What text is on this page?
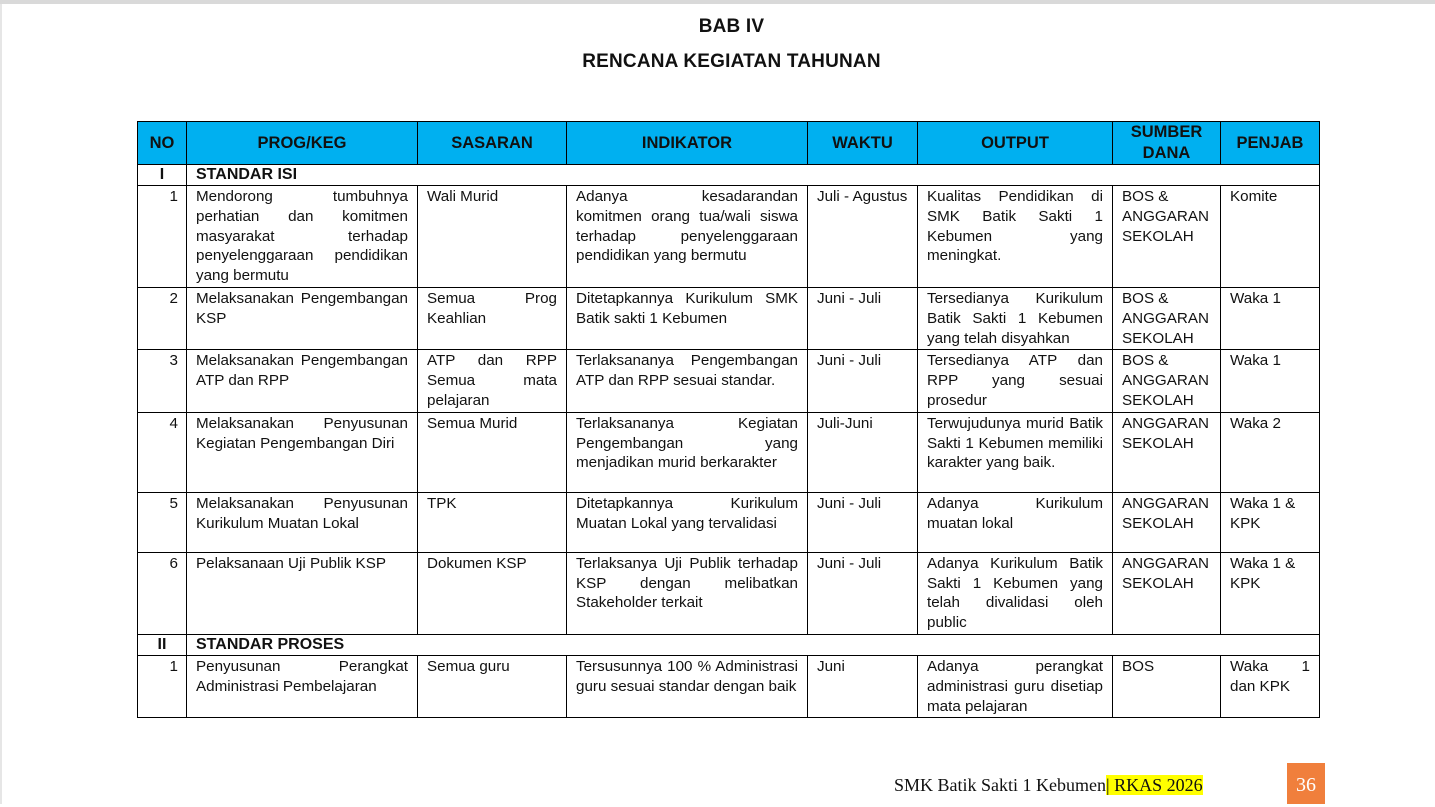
BAB IV
RENCANA KEGIATAN TAHUNAN
NO	PROG/KEG	SASARAN	INDIKATOR	WAKTU	OUTPUT	SUMBER DANA	PENJAB
I	STANDAR ISI						
1	Mendorong tumbuhnya perhatian dan komitmen masyarakat terhadap penyelenggaraan pendidikan yang bermutu	Wali Murid	Adanya kesadarandan komitmen orang tua/wali siswa terhadap penyelenggaraan pendidikan yang bermutu	Juli - Agustus	Kualitas Pendidikan di SMK Batik Sakti 1 Kebumen yang meningkat.	BOS & ANGGARAN SEKOLAH	Komite
2	Melaksanakan Pengembangan KSP	Semua Prog Keahlian	Ditetapkannya Kurikulum SMK Batik sakti 1 Kebumen	Juni - Juli	Tersedianya Kurikulum Batik Sakti 1 Kebumen yang telah disyahkan	BOS & ANGGARAN SEKOLAH	Waka 1
3	Melaksanakan Pengembangan ATP dan RPP	ATP dan RPP Semua mata pelajaran	Terlaksananya Pengembangan ATP dan RPP sesuai standar.	Juni - Juli	Tersedianya ATP dan RPP yang sesuai prosedur	BOS & ANGGARAN SEKOLAH	Waka 1
4	Melaksanakan Penyusunan Kegiatan Pengembangan Diri	Semua Murid	Terlaksananya Kegiatan Pengembangan yang menjadikan murid berkarakter	Juli-Juni	Terwujudunya murid Batik Sakti 1 Kebumen memiliki karakter yang baik.	ANGGARAN SEKOLAH	Waka 2
5	Melaksanakan Penyusunan Kurikulum Muatan Lokal	TPK	Ditetapkannya Kurikulum Muatan Lokal yang tervalidasi	Juni - Juli	Adanya Kurikulum muatan lokal	ANGGARAN SEKOLAH	Waka 1 & KPK
6	Pelaksanaan Uji Publik KSP	Dokumen KSP	Terlaksanya Uji Publik terhadap KSP dengan melibatkan Stakeholder terkait	Juni - Juli	Adanya Kurikulum Batik Sakti 1 Kebumen yang telah divalidasi oleh public	ANGGARAN SEKOLAH	Waka 1 & KPK
II	STANDAR PROSES						
1	Penyusunan Perangkat Administrasi Pembelajaran	Semua guru	Tersusunnya 100 % Administrasi guru sesuai standar dengan baik	Juni	Adanya perangkat administrasi guru disetiap mata pelajaran	BOS	Waka 1 dan KPK
SMK Batik Sakti 1 Kebumen| RKAS 2026	36
